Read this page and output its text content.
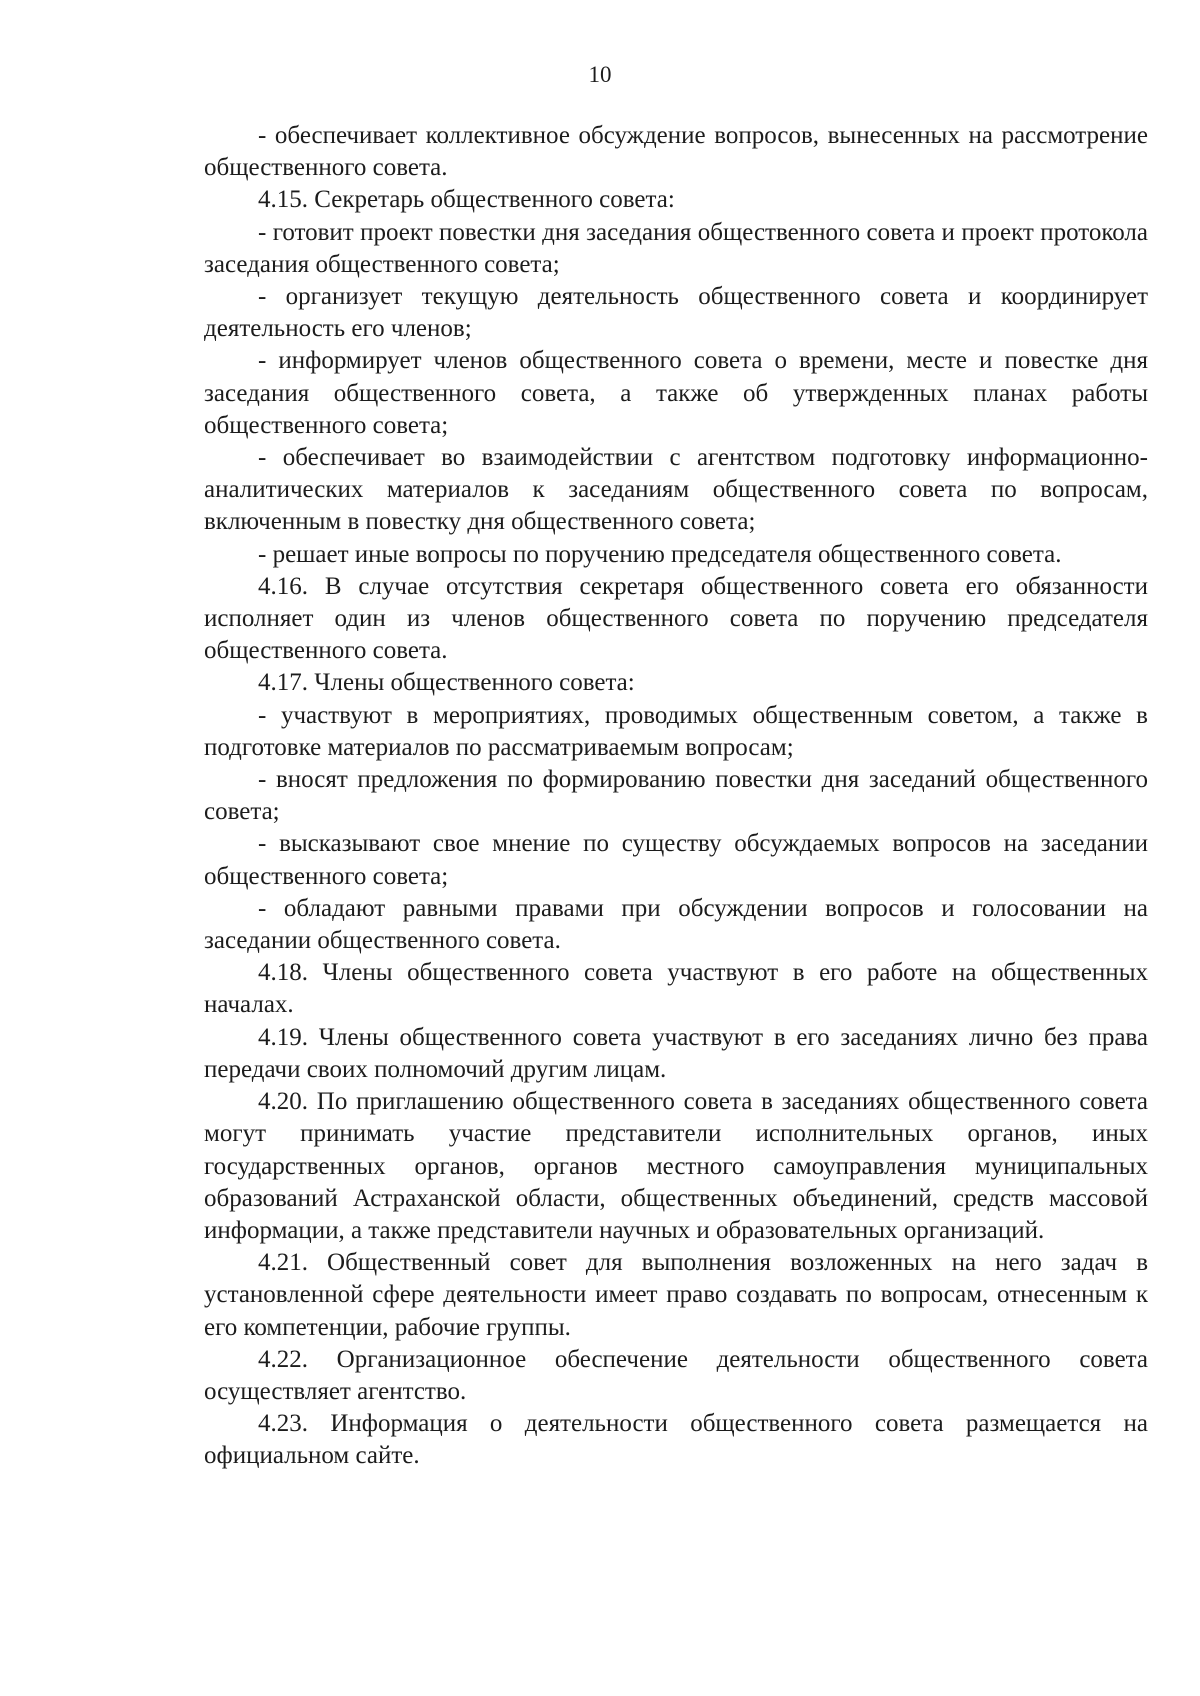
10

- обеспечивает коллективное обсуждение вопросов, вынесенных на рассмотрение общественного совета.

4.15. Секретарь общественного совета:

- готовит проект повестки дня заседания общественного совета и проект протокола заседания общественного совета;

- организует текущую деятельность общественного совета и координирует деятельность его членов;

- информирует членов общественного совета о времени, месте и повестке дня заседания общественного совета, а также об утвержденных планах работы общественного совета;

- обеспечивает во взаимодействии с агентством подготовку информационно-аналитических материалов к заседаниям общественного совета по вопросам, включенным в повестку дня общественного совета;

- решает иные вопросы по поручению председателя общественного совета.

4.16. В случае отсутствия секретаря общественного совета его обязанности исполняет один из членов общественного совета по поручению председателя общественного совета.

4.17. Члены общественного совета:

- участвуют в мероприятиях, проводимых общественным советом, а также в подготовке материалов по рассматриваемым вопросам;

- вносят предложения по формированию повестки дня заседаний общественного совета;

- высказывают свое мнение по существу обсуждаемых вопросов на заседании общественного совета;

- обладают равными правами при обсуждении вопросов и голосовании на заседании общественного совета.

4.18. Члены общественного совета участвуют в его работе на общественных началах.

4.19. Члены общественного совета участвуют в его заседаниях лично без права передачи своих полномочий другим лицам.

4.20. По приглашению общественного совета в заседаниях общественного совета могут принимать участие представители исполнительных органов, иных государственных органов, органов местного самоуправления муниципальных образований Астраханской области, общественных объединений, средств массовой информации, а также представители научных и образовательных организаций.

4.21. Общественный совет для выполнения возложенных на него задач в установленной сфере деятельности имеет право создавать по вопросам, отнесенным к его компетенции, рабочие группы.

4.22. Организационное обеспечение деятельности общественного совета осуществляет агентство.

4.23. Информация о деятельности общественного совета размещается на официальном сайте.
